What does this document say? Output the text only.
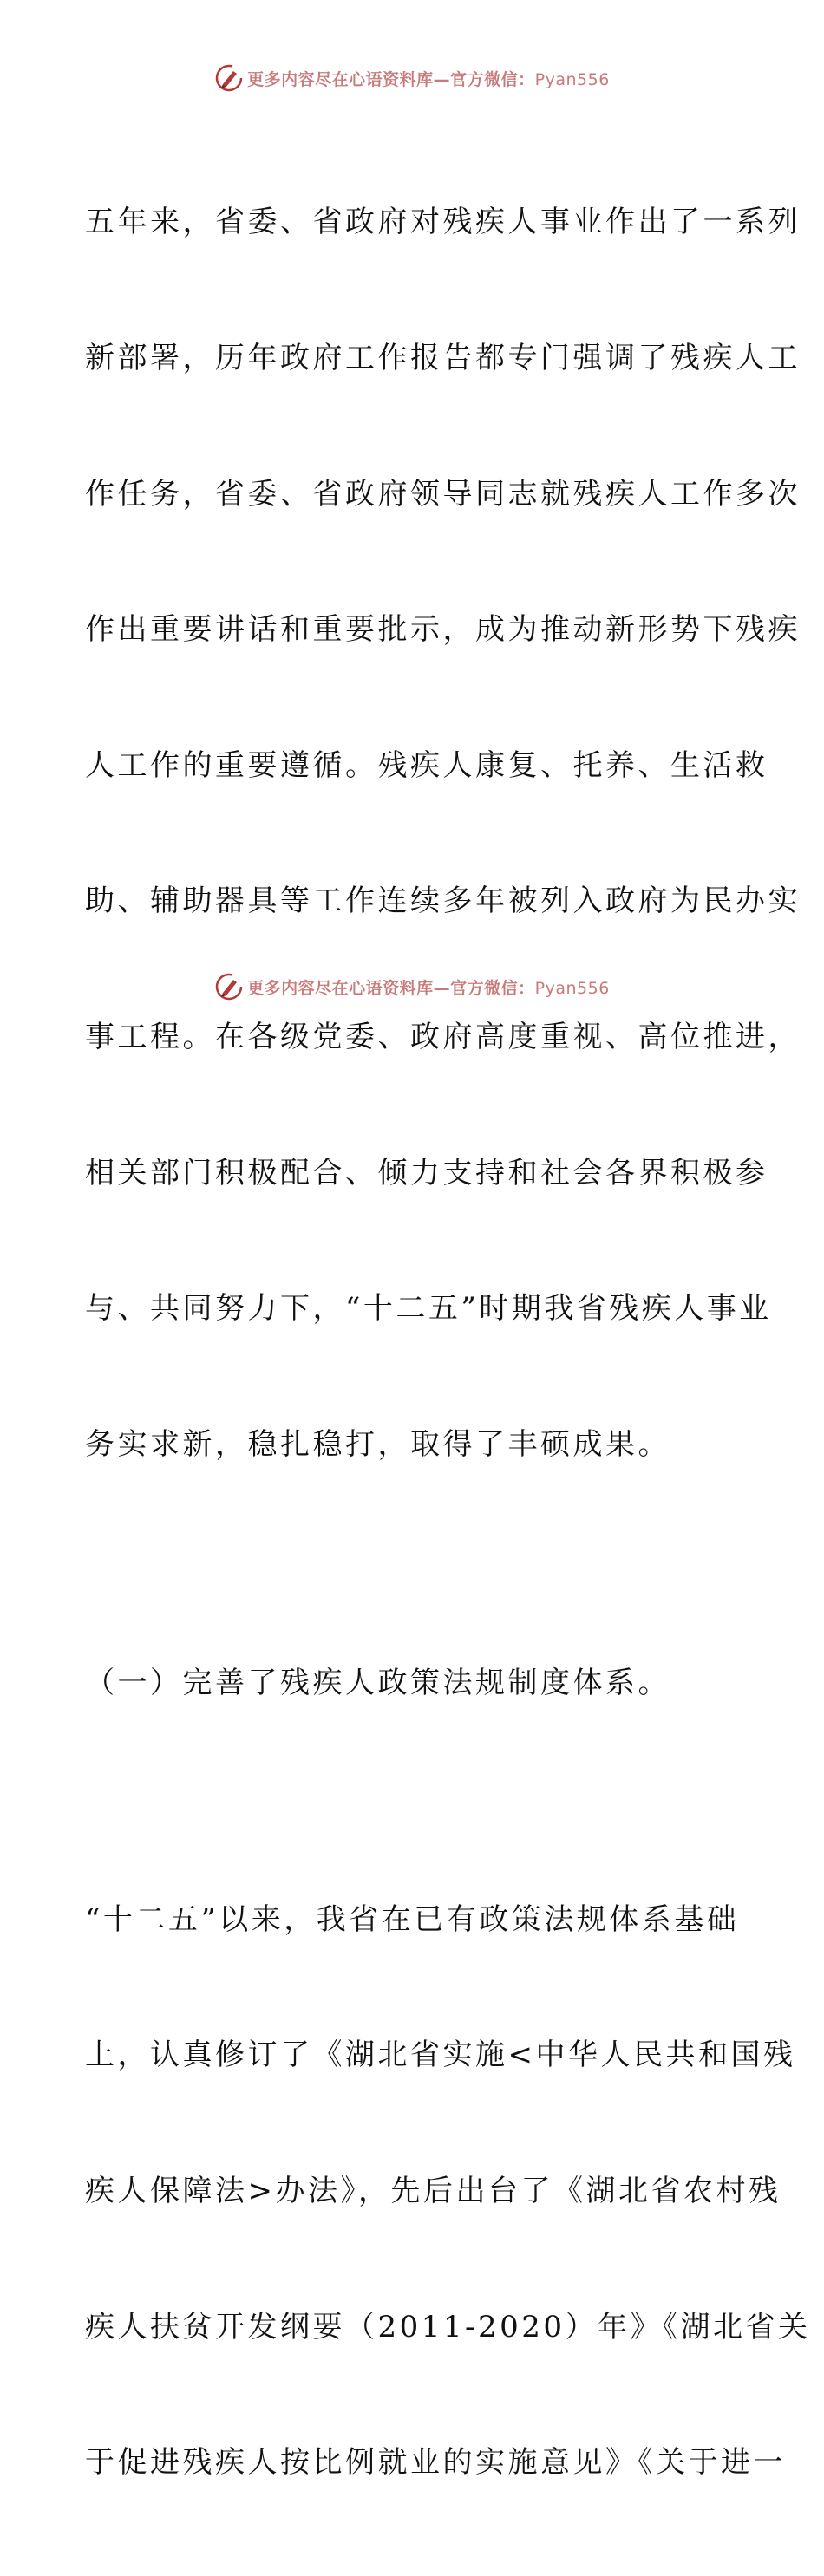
更多内容尽在心语资料库—官方微信：Pyan556

五年来，省委、省政府对残疾人事业作出了一系列

新部署，历年政府工作报告都专门强调了残疾人工

作任务，省委、省政府领导同志就残疾人工作多次

作出重要讲话和重要批示，成为推动新形势下残疾

人工作的重要遵循。残疾人康复、托养、生活救

助、辅助器具等工作连续多年被列入政府为民办实

事工程。在各级党委、政府高度重视、高位推进，

相关部门积极配合、倾力支持和社会各界积极参

与、共同努力下，“十二五”时期我省残疾人事业

务实求新，稳扎稳打，取得了丰硕成果。

（一）完善了残疾人政策法规制度体系。

“十二五”以来，我省在已有政策法规体系基础

上，认真修订了《湖北省实施<中华人民共和国残

疾人保障法>办法》，先后出台了《湖北省农村残

疾人扶贫开发纲要（2011-2020）年》《湖北省关

于促进残疾人按比例就业的实施意见》《关于进一

更多内容尽在心语资料库—官方微信：Pyan556
